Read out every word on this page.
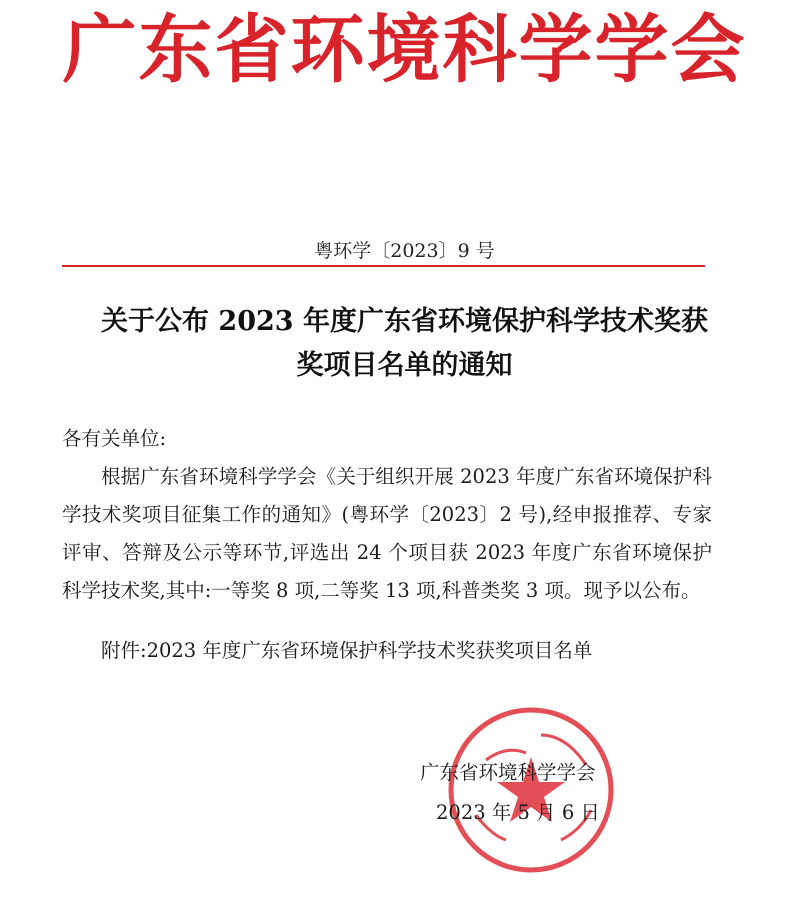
广东省环境科学学会
粤环学〔2023〕9 号
关于公布 2023 年度广东省环境保护科学技术奖获
奖项目名单的通知

各有关单位:

根据广东省环境科学学会《关于组织开展 2023 年度广东省环境保护科学技术奖项目征集工作的通知》(粤环学〔2023〕2 号),经申报推荐、专家评审、答辩及公示等环节,评选出 24 个项目获 2023 年度广东省环境保护科学技术奖,其中:一等奖 8 项,二等奖 13 项,科普类奖 3 项。现予以公布。

附件:2023 年度广东省环境保护科学技术奖获奖项目名单

广东省环境科学学会

2023 年 5 月 6 日
